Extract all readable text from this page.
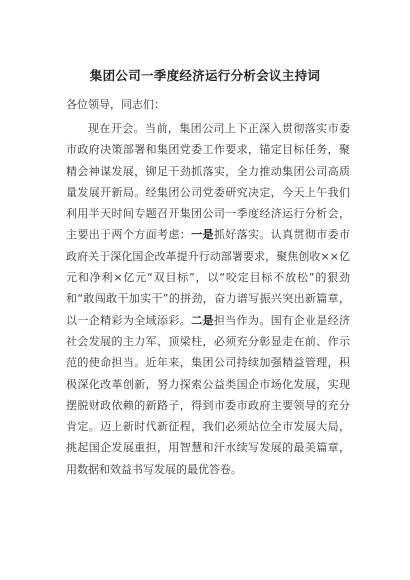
集团公司一季度经济运行分析会议主持词
各位领导，同志们：
现在开会。当前，集团公司上下正深入贯彻落实市委市政府决策部署和集团党委工作要求，锚定目标任务，聚精会神谋发展，铆足干劲抓落实，全力推动集团公司高质量发展开新局。经集团公司党委研究决定，今天上午我们利用半天时间专题召开集团公司一季度经济运行分析会，主要出于两个方面考虑：一是抓好落实。认真贯彻市委市政府关于深化国企改革提升行动部署要求，聚焦创收××亿元和净利×亿元“双目标”，以“咬定目标不放松”的狠劲和“敢闯敢干加实干”的拼劲，奋力谱写振兴突出新篇章，以一企精彩为全域添彩。二是担当作为。国有企业是经济社会发展的主力军、顶梁柱，必须充分彰显走在前、作示范的使命担当。近年来，集团公司持续加强精益管理，积极深化改革创新，努力探索公益类国企市场化发展，实现摆脱财政依赖的新路子，得到市委市政府主要领导的充分肯定。迈上新时代新征程，我们必须站位全市发展大局，挑起国企发展重担，用智慧和汗水续写发展的最美篇章，用数据和效益书写发展的最优答卷。
